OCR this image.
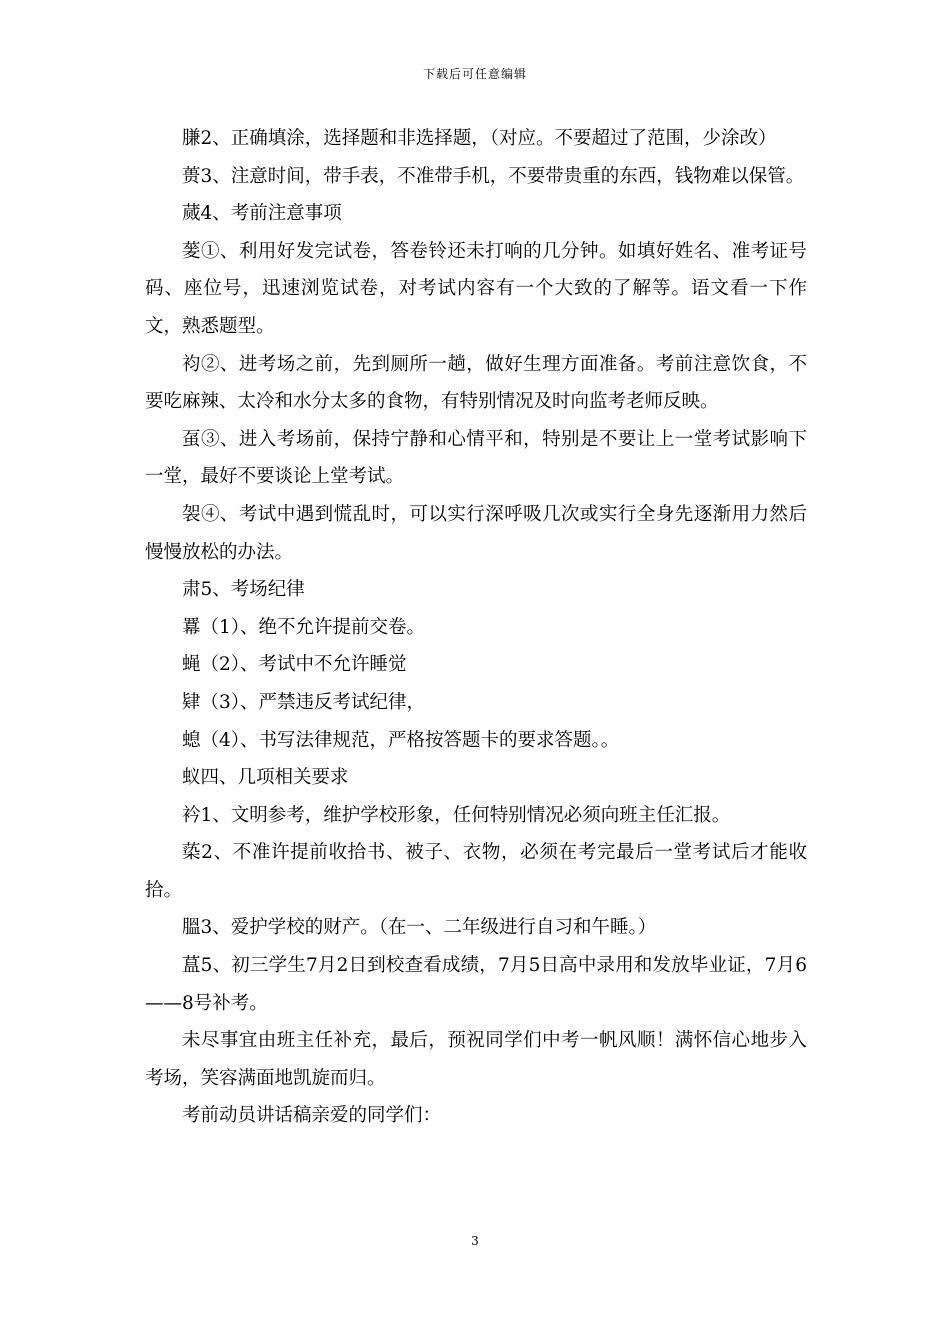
下载后可任意编辑

膁2、正确填涂，选择题和非选择题，（对应。不要超过了范围，少涂改）

蒉3、注意时间，带手表，不准带手机，不要带贵重的东西，钱物难以保管。

蒇4、考前注意事项

蓌①、利用好发完试卷，答卷铃还未打响的几分钟。如填好姓名、准考证号码、座位号，迅速浏览试卷，对考试内容有一个大致的了解等。语文看一下作文，熟悉题型。

袀②、进考场之前，先到厕所一趟，做好生理方面准备。考前注意饮食，不要吃麻辣、太冷和水分太多的食物，有特别情况及时向监考老师反映。

虿③、进入考场前，保持宁静和心情平和，特别是不要让上一堂考试影响下一堂，最好不要谈论上堂考试。

袈④、考试中遇到慌乱时，可以实行深呼吸几次或实行全身先逐渐用力然后慢慢放松的办法。

肃5、考场纪律

羃（1）、绝不允许提前交卷。

蝇（2）、考试中不允许睡觉

肄（3）、严禁违反考试纪律，

螅（4）、书写法律规范，严格按答题卡的要求答题。。

蚁四、几项相关要求

衿1、文明参考，维护学校形象，任何特别情况必须向班主任汇报。

蒅2、不准许提前收拾书、被子、衣物，必须在考完最后一堂考试后才能收拾。

膃3、爱护学校的财产。（在一、二年级进行自习和午睡。）

蒀5、初三学生7月2日到校查看成绩，7月5日高中录用和发放毕业证，7月6——8号补考。

未尽事宜由班主任补充，最后，预祝同学们中考一帆风顺！满怀信心地步入考场，笑容满面地凯旋而归。

考前动员讲话稿亲爱的同学们：

3
